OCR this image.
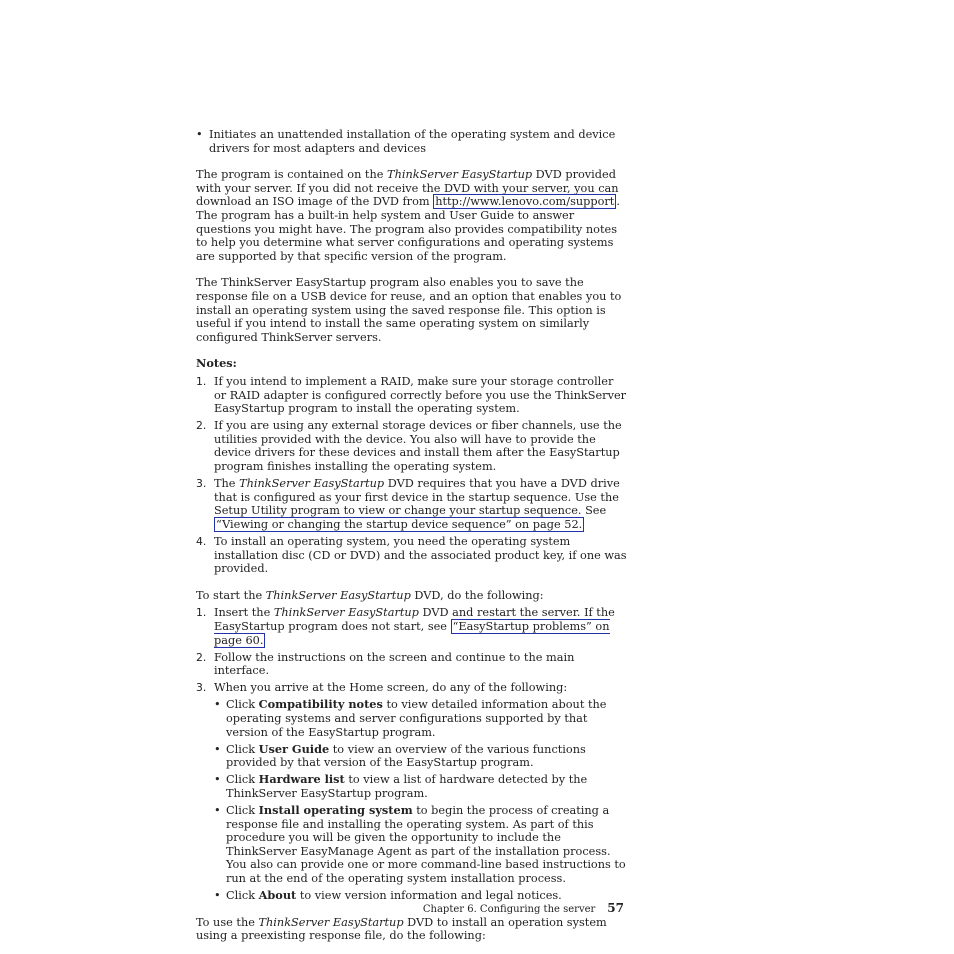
• Initiates an unattended installation of the operating system and device drivers for most adapters and devices

The program is contained on the ThinkServer EasyStartup DVD provided with your server. If you did not receive the DVD with your server, you can download an ISO image of the DVD from http://www.lenovo.com/support . The program has a built-in help system and User Guide to answer questions you might have. The program also provides compatibility notes to help you determine what server configurations and operating systems are supported by that specific version of the program.

The ThinkServer EasyStartup program also enables you to save the response file on a USB device for reuse, and an option that enables you to install an operating system using the saved response file. This option is useful if you intend to install the same operating system on similarly configured ThinkServer servers.

Notes:

1. If you intend to implement a RAID, make sure your storage controller or RAID adapter is configured correctly before you use the ThinkServer EasyStartup program to install the operating system.
2. If you are using any external storage devices or fiber channels, use the utilities provided with the device. You also will have to provide the device drivers for these devices and install them after the EasyStartup program finishes installing the operating system.
3. The ThinkServer EasyStartup DVD requires that you have a DVD drive that is configured as your first device in the startup sequence. Use the Setup Utility program to view or change your startup sequence. See “Viewing or changing the startup device sequence” on page 52.
4. To install an operating system, you need the operating system installation disc (CD or DVD) and the associated product key, if one was provided.

To start the ThinkServer EasyStartup DVD, do the following:

1. Insert the ThinkServer EasyStartup DVD and restart the server. If the EasyStartup program does not start, see “EasyStartup problems” on page 60.
2. Follow the instructions on the screen and continue to the main interface.
3. When you arrive at the Home screen, do any of the following:
• Click Compatibility notes to view detailed information about the operating systems and server configurations supported by that version of the EasyStartup program.
• Click User Guide to view an overview of the various functions provided by that version of the EasyStartup program.
• Click Hardware list to view a list of hardware detected by the ThinkServer EasyStartup program.
• Click Install operating system to begin the process of creating a response file and installing the operating system. As part of this procedure you will be given the opportunity to include the ThinkServer EasyManage Agent as part of the installation process. You also can provide one or more command-line based instructions to run at the end of the operating system installation process.
• Click About to view version information and legal notices.

To use the ThinkServer EasyStartup DVD to install an operation system using a preexisting response file, do the following:

Chapter 6. Configuring the server 57
